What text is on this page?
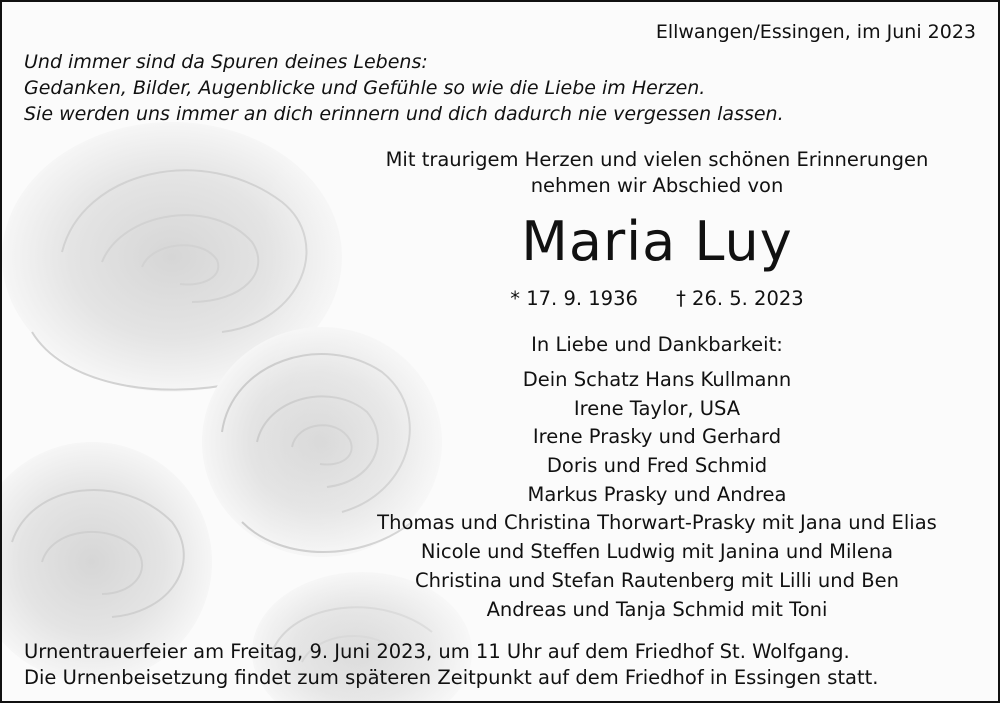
Ellwangen/Essingen, im Juni 2023

Und immer sind da Spuren deines Lebens:

Gedanken, Bilder, Augenblicke und Gefühle so wie die Liebe im Herzen.

Sie werden uns immer an dich erinnern und dich dadurch nie vergessen lassen.

Mit traurigem Herzen und vielen schönen Erinnerungen

nehmen wir Abschied von

Maria Luy

* 17. 9. 1936 † 26. 5. 2023

In Liebe und Dankbarkeit:

Dein Schatz Hans Kullmann
Irene Taylor, USA
Irene Prasky und Gerhard
Doris und Fred Schmid
Markus Prasky und Andrea
Thomas und Christina Thorwart-Prasky mit Jana und Elias
Nicole und Steffen Ludwig mit Janina und Milena
Christina und Stefan Rautenberg mit Lilli und Ben
Andreas und Tanja Schmid mit Toni

Urnentrauerfeier am Freitag, 9. Juni 2023, um 11 Uhr auf dem Friedhof St. Wolfgang.

Die Urnenbeisetzung findet zum späteren Zeitpunkt auf dem Friedhof in Essingen statt.
